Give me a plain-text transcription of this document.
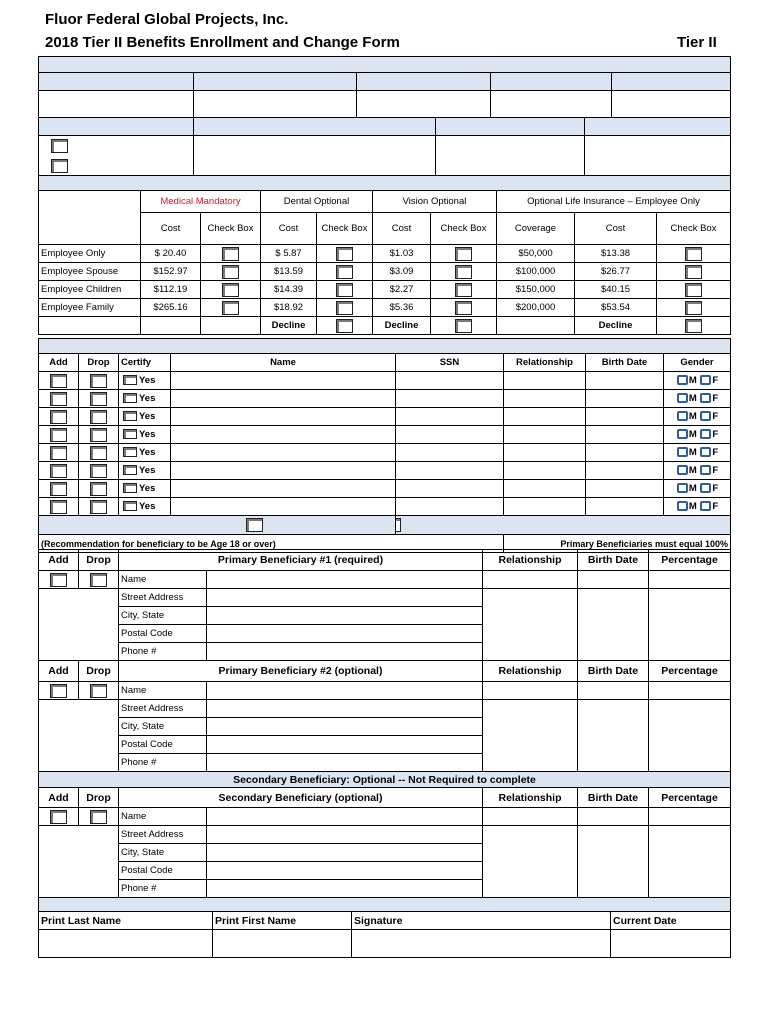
Fluor Federal Global Projects, Inc.
2018 Tier II Benefits Enrollment and Change Form	Tier II

	Medical Mandatory		Dental Optional		Vision Optional		Optional Life Insurance – Employee Only		
	Cost	Check Box	Cost	Check Box	Cost	Check Box	Coverage	Cost	Check Box
Employee Only	$ 20.40		$ 5.87		$1.03		$50,000	$13.38	
Employee Spouse	$152.97		$13.59		$3.09		$100,000	$26.77	
Employee Children	$112.19		$14.39		$2.27		$150,000	$40.15	
Employee Family	$265.16		$18.92		$5.36		$200,000	$53.54	
			Decline		Decline			Decline	

Add	Drop	Certify	Name	SSN	Relationship	Birth Date	Gender
		Yes					M F
		Yes					M F
		Yes					M F
		Yes					M F
		Yes					M F
		Yes					M F
		Yes					M F
		Yes					M F

(Recommendation for beneficiary to be Age 18 or over)					Primary Beneficiaries must equal 100%		
Add	Drop	Primary Beneficiary #1 (required)		Relationship	Birth Date	Percentage
		Name				
		Street Address				
		City, State				
		Postal Code				
		Phone #				
Add	Drop	Primary Beneficiary #2 (optional)		Relationship	Birth Date	Percentage
		Name				
		Street Address				
		City, State				
		Postal Code				
		Phone #				
Secondary Beneficiary: Optional -- Not Required to complete						
Add	Drop	Secondary Beneficiary (optional)		Relationship	Birth Date	Percentage
		Name				
		Street Address				
		City, State				
		Postal Code				
		Phone #				

Print Last Name	Print First Name	Signature	Current Date
